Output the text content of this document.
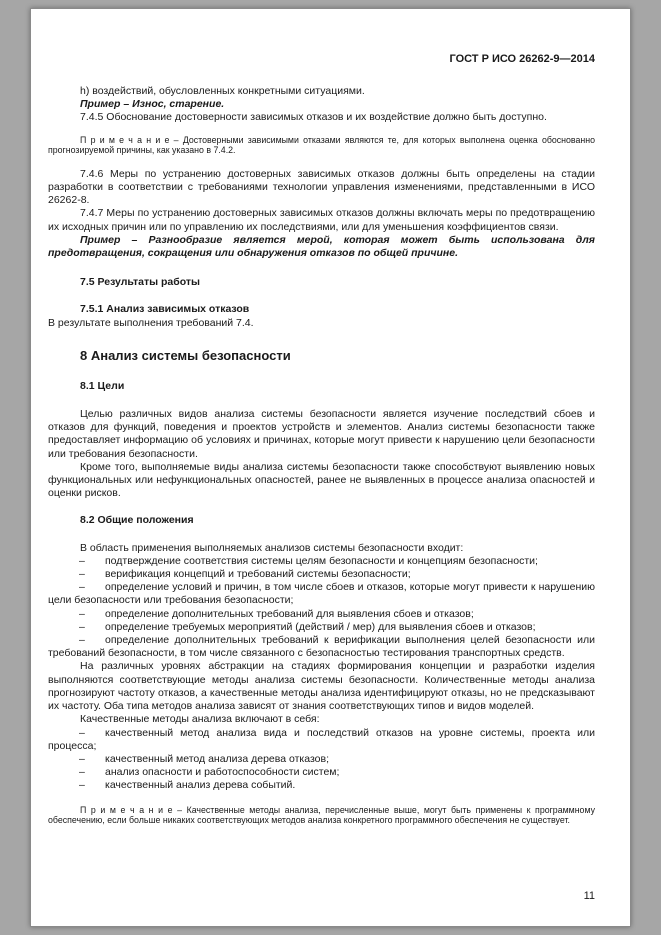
ГОСТ Р ИСО 26262-9—2014

h) воздействий, обусловленных конкретными ситуациями.

Пример – Износ, старение.

7.4.5 Обоснование достоверности зависимых отказов и их воздействие должно быть доступно.

П р и м е ч а н и е – Достоверными зависимыми отказами являются те, для которых выполнена оценка обоснованно прогнозируемой причины, как указано в 7.4.2.

7.4.6 Меры по устранению достоверных зависимых отказов должны быть определены на стадии разработки в соответствии с требованиями технологии управления изменениями, представленными в ИСО 26262-8.

7.4.7 Меры по устранению достоверных зависимых отказов должны включать меры по предотвращению их исходных причин или по управлению их последствиями, или для уменьшения коэффициентов связи.

Пример – Разнообразие является мерой, которая может быть использована для предотвращения, сокращения или обнаружения отказов по общей причине.

7.5 Результаты работы

7.5.1 Анализ зависимых отказов

В результате выполнения требований 7.4.

8 Анализ системы безопасности

8.1 Цели

Целью различных видов анализа системы безопасности является изучение последствий сбоев и отказов для функций, поведения и проектов устройств и элементов. Анализ системы безопасности также предоставляет информацию об условиях и причинах, которые могут привести к нарушению цели безопасности или требования безопасности.

Кроме того, выполняемые виды анализа системы безопасности также способствуют выявлению новых функциональных или нефункциональных опасностей, ранее не выявленных в процессе анализа опасностей и оценки рисков.

8.2 Общие положения

В область применения выполняемых анализов системы безопасности входит:

– подтверждение соответствия системы целям безопасности и концепциям безопасности;

– верификация концепций и требований системы безопасности;

– определение условий и причин, в том числе сбоев и отказов, которые могут привести к нарушению цели безопасности или требования безопасности;

– определение дополнительных требований для выявления сбоев и отказов;

– определение требуемых мероприятий (действий / мер) для выявления сбоев и отказов;

– определение дополнительных требований к верификации выполнения целей безопасности или требований безопасности, в том числе связанного с безопасностью тестирования транспортных средств.

На различных уровнях абстракции на стадиях формирования концепции и разработки изделия выполняются соответствующие методы анализа системы безопасности. Количественные методы анализа прогнозируют частоту отказов, а качественные методы анализа идентифицируют отказы, но не предсказывают их частоту. Оба типа методов анализа зависят от знания соответствующих типов и видов моделей.

Качественные методы анализа включают в себя:

– качественный метод анализа вида и последствий отказов на уровне системы, проекта или процесса;

– качественный метод анализа дерева отказов;

– анализ опасности и работоспособности систем;

– качественный анализ дерева событий.

П р и м е ч а н и е – Качественные методы анализа, перечисленные выше, могут быть применены к программному обеспечению, если больше никаких соответствующих методов анализа конкретного программного обеспечения не существует.

11
